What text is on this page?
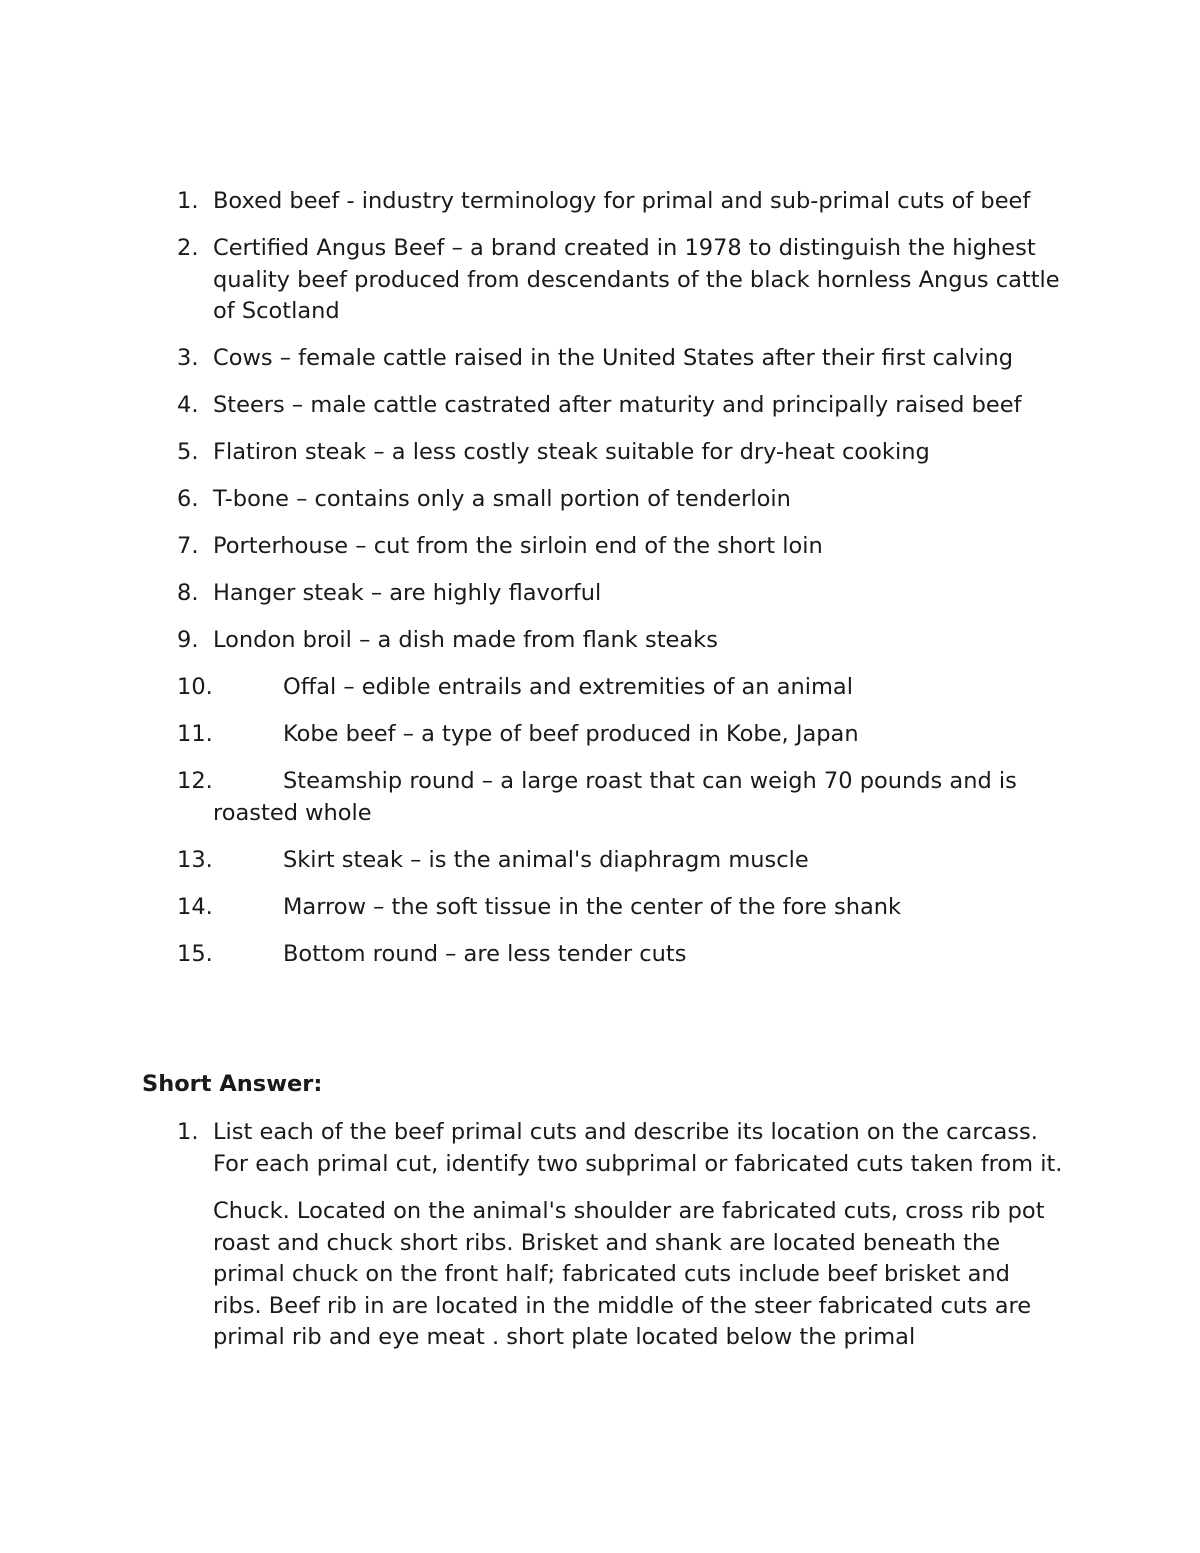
1. Boxed beef - industry terminology for primal and sub-primal cuts of beef
2. Certified Angus Beef – a brand created in 1978 to distinguish the highest quality beef produced from descendants of the black hornless Angus cattle of Scotland
3. Cows – female cattle raised in the United States after their first calving
4. Steers – male cattle castrated after maturity and principally raised beef
5. Flatiron steak – a less costly steak suitable for dry-heat cooking
6. T-bone – contains only a small portion of tenderloin
7. Porterhouse – cut from the sirloin end of the short loin
8. Hanger steak – are highly flavorful
9. London broil – a dish made from flank steaks
10.	Offal – edible entrails and extremities of an animal
11.	Kobe beef – a type of beef produced in Kobe, Japan
12.	Steamship round – a large roast that can weigh 70 pounds and is roasted whole
13.	Skirt steak – is the animal's diaphragm muscle
14.	Marrow – the soft tissue in the center of the fore shank
15.	Bottom round – are less tender cuts
Short Answer:
1. List each of the beef primal cuts and describe its location on the carcass. For each primal cut, identify two subprimal or fabricated cuts taken from it.
Chuck. Located on the animal's shoulder are fabricated cuts, cross rib pot roast and chuck short ribs. Brisket and shank are located beneath the primal chuck on the front half; fabricated cuts include beef brisket and ribs. Beef rib in are located in the middle of the steer fabricated cuts are primal rib and eye meat . short plate located below the primal
